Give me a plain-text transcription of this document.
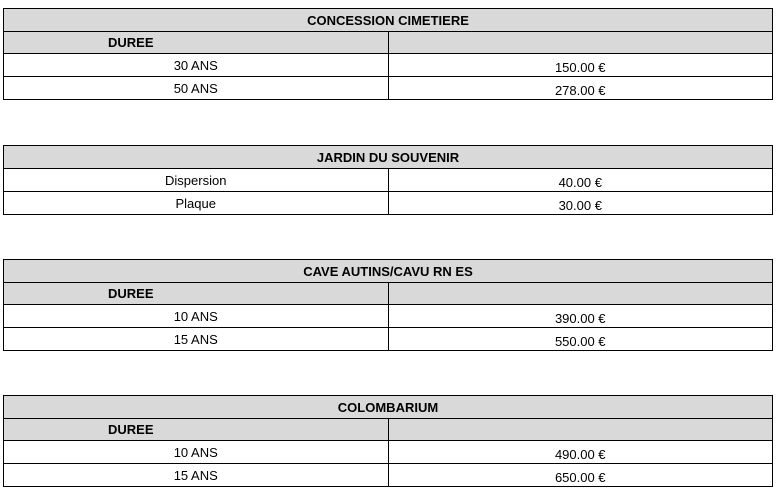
CONCESSION CIMETIERE	
DUREE	
30 ANS	150.00 €
50 ANS	278.00 €
JARDIN DU SOUVENIR	
Dispersion	40.00 €
Plaque	30.00 €
CAVE AUTINS/CAVU RN ES	
DUREE	
10 ANS	390.00 €
15 ANS	550.00 €
COLOMBARIUM	
DUREE	
10 ANS	490.00 €
15 ANS	650.00 €
